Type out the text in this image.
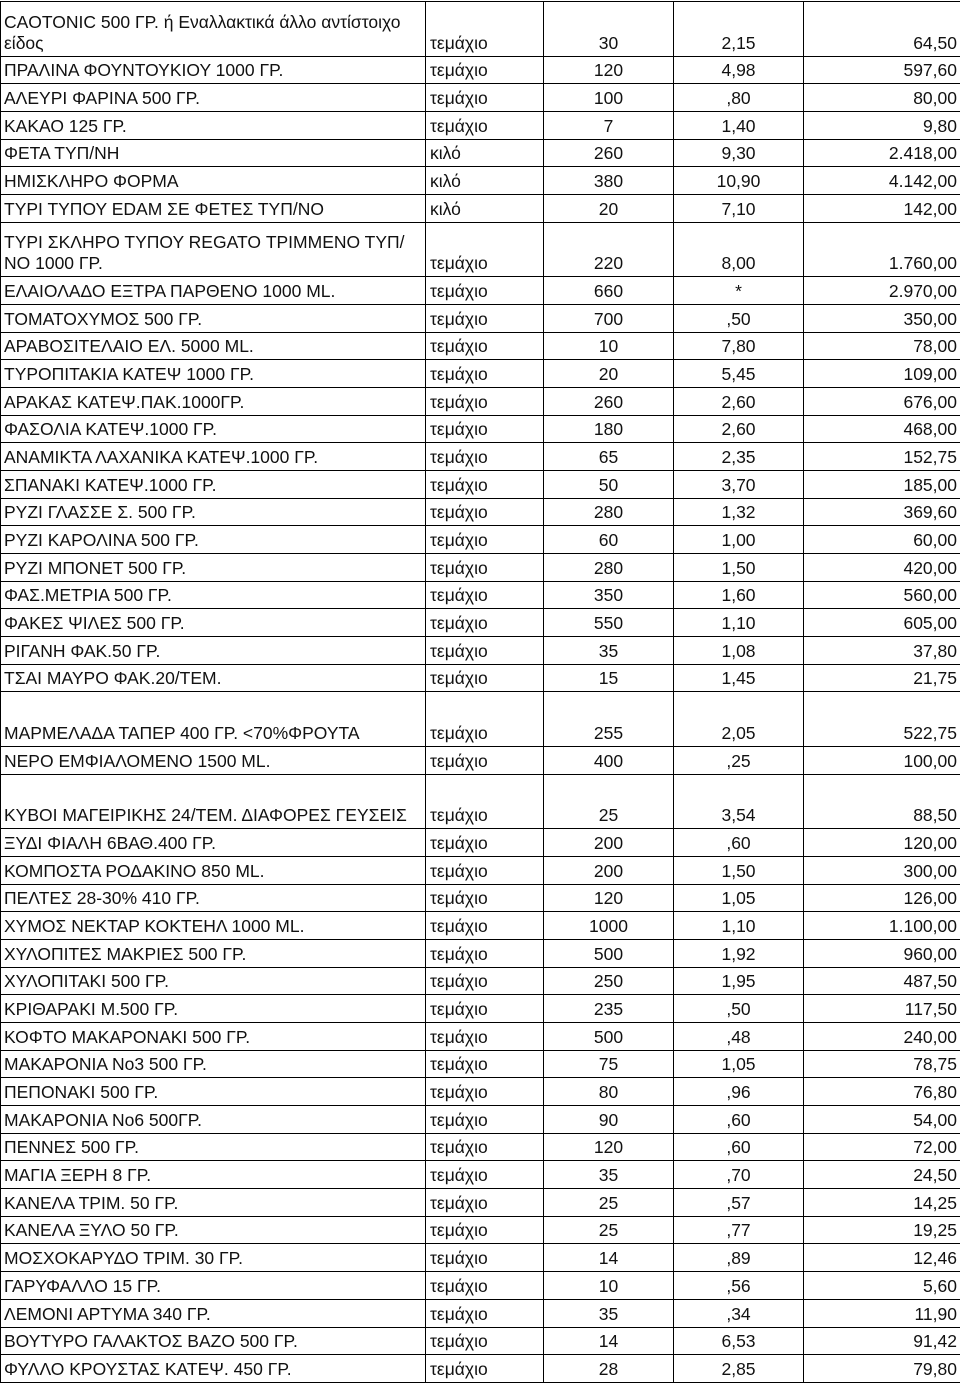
CAOTONIC 500 ΓΡ. ή Εναλλακτικά άλλο αντίστοιχο είδος	τεμάχιο	30	2,15	64,50
ΠΡΑΛΙΝΑ ΦΟΥΝΤΟΥΚΙΟΥ 1000 ΓΡ.	τεμάχιο	120	4,98	597,60
ΑΛΕΥΡΙ ΦΑΡΙΝΑ 500 ΓΡ.	τεμάχιο	100	,80	80,00
ΚΑΚΑΟ 125 ΓΡ.	τεμάχιο	7	1,40	9,80
ΦΕΤΑ ΤΥΠ/ΝΗ	κιλό	260	9,30	2.418,00
ΗΜΙΣΚΛΗΡΟ ΦΟΡΜΑ	κιλό	380	10,90	4.142,00
ΤΥΡΙ ΤΥΠΟΥ EDAM ΣΕ ΦΕΤΕΣ ΤΥΠ/ΝΟ	κιλό	20	7,10	142,00
ΤΥΡΙ ΣΚΛΗΡΟ ΤΥΠΟΥ REGATO ΤΡΙΜΜΕΝΟ ΤΥΠ/ΝΟ 1000 ΓΡ.	τεμάχιο	220	8,00	1.760,00
ΕΛΑΙΟΛΑΔΟ ΕΞΤΡΑ ΠΑΡΘΕΝΟ 1000 ML.	τεμάχιο	660	*	2.970,00
ΤΟΜΑΤΟΧΥΜΟΣ 500 ΓΡ.	τεμάχιο	700	,50	350,00
ΑΡΑΒΟΣΙΤΕΛΑΙΟ ΕΛ. 5000 ML.	τεμάχιο	10	7,80	78,00
ΤΥΡΟΠΙΤΑΚΙΑ ΚΑΤΕΨ 1000 ΓΡ.	τεμάχιο	20	5,45	109,00
ΑΡΑΚΑΣ ΚΑΤΕΨ.ΠΑΚ.1000ΓΡ.	τεμάχιο	260	2,60	676,00
ΦΑΣΟΛΙΑ ΚΑΤΕΨ.1000 ΓΡ.	τεμάχιο	180	2,60	468,00
ΑΝΑΜΙΚΤΑ ΛΑΧΑΝΙΚΑ ΚΑΤΕΨ.1000 ΓΡ.	τεμάχιο	65	2,35	152,75
ΣΠΑΝΑΚΙ ΚΑΤΕΨ.1000 ΓΡ.	τεμάχιο	50	3,70	185,00
ΡΥΖΙ ΓΛΑΣΣΕ Σ. 500 ΓΡ.	τεμάχιο	280	1,32	369,60
ΡΥΖΙ ΚΑΡΟΛΙΝΑ 500 ΓΡ.	τεμάχιο	60	1,00	60,00
ΡΥΖΙ ΜΠΟΝΕΤ 500 ΓΡ.	τεμάχιο	280	1,50	420,00
ΦΑΣ.ΜΕΤΡΙΑ 500 ΓΡ.	τεμάχιο	350	1,60	560,00
ΦΑΚΕΣ ΨΙΛΕΣ 500 ΓΡ.	τεμάχιο	550	1,10	605,00
ΡΙΓΑΝΗ ΦΑΚ.50 ΓΡ.	τεμάχιο	35	1,08	37,80
ΤΣΑΙ ΜΑΥΡΟ ΦΑΚ.20/ΤΕΜ.	τεμάχιο	15	1,45	21,75
ΜΑΡΜΕΛΑΔΑ ΤΑΠΕΡ 400 ΓΡ. <70%ΦΡΟΥΤΑ	τεμάχιο	255	2,05	522,75
ΝΕΡΟ ΕΜΦΙΑΛΟΜΕΝΟ 1500 ML.	τεμάχιο	400	,25	100,00
ΚΥΒΟΙ ΜΑΓΕΙΡΙΚΗΣ 24/ΤΕΜ. ΔΙΑΦΟΡΕΣ ΓΕΥΣΕΙΣ	τεμάχιο	25	3,54	88,50
ΞΥΔΙ ΦΙΑΛΗ 6ΒΑΘ.400 ΓΡ.	τεμάχιο	200	,60	120,00
ΚΟΜΠΟΣΤΑ ΡΟΔΑΚΙΝΟ 850 ML.	τεμάχιο	200	1,50	300,00
ΠΕΛΤΕΣ 28-30% 410 ΓΡ.	τεμάχιο	120	1,05	126,00
ΧΥΜΟΣ ΝΕΚΤΑΡ ΚΟΚΤΕΗΛ 1000 ML.	τεμάχιο	1000	1,10	1.100,00
ΧΥΛΟΠΙΤΕΣ ΜΑΚΡΙΕΣ 500 ΓΡ.	τεμάχιο	500	1,92	960,00
ΧΥΛΟΠΙΤΑΚΙ 500 ΓΡ.	τεμάχιο	250	1,95	487,50
ΚΡΙΘΑΡΑΚΙ Μ.500 ΓΡ.	τεμάχιο	235	,50	117,50
ΚΟΦΤΟ ΜΑΚΑΡΟΝΑΚΙ 500 ΓΡ.	τεμάχιο	500	,48	240,00
ΜΑΚΑΡΟΝΙΑ Νο3 500 ΓΡ.	τεμάχιο	75	1,05	78,75
ΠΕΠΟΝΑΚΙ 500 ΓΡ.	τεμάχιο	80	,96	76,80
ΜΑΚΑΡΟΝΙΑ Νο6 500ΓΡ.	τεμάχιο	90	,60	54,00
ΠΕΝΝΕΣ 500 ΓΡ.	τεμάχιο	120	,60	72,00
ΜΑΓΙΑ ΞΕΡΗ 8 ΓΡ.	τεμάχιο	35	,70	24,50
ΚΑΝΕΛΑ ΤΡΙΜ. 50 ΓΡ.	τεμάχιο	25	,57	14,25
ΚΑΝΕΛΑ ΞΥΛΟ 50 ΓΡ.	τεμάχιο	25	,77	19,25
ΜΟΣΧΟΚΑΡΥΔΟ ΤΡΙΜ. 30 ΓΡ.	τεμάχιο	14	,89	12,46
ΓΑΡΥΦΑΛΛΟ 15 ΓΡ.	τεμάχιο	10	,56	5,60
ΛΕΜΟΝΙ ΑΡΤΥΜΑ 340 ΓΡ.	τεμάχιο	35	,34	11,90
ΒΟΥΤΥΡΟ ΓΑΛΑΚΤΟΣ ΒΑΖΟ 500 ΓΡ.	τεμάχιο	14	6,53	91,42
ΦΥΛΛΟ ΚΡΟΥΣΤΑΣ ΚΑΤΕΨ. 450 ΓΡ.	τεμάχιο	28	2,85	79,80
